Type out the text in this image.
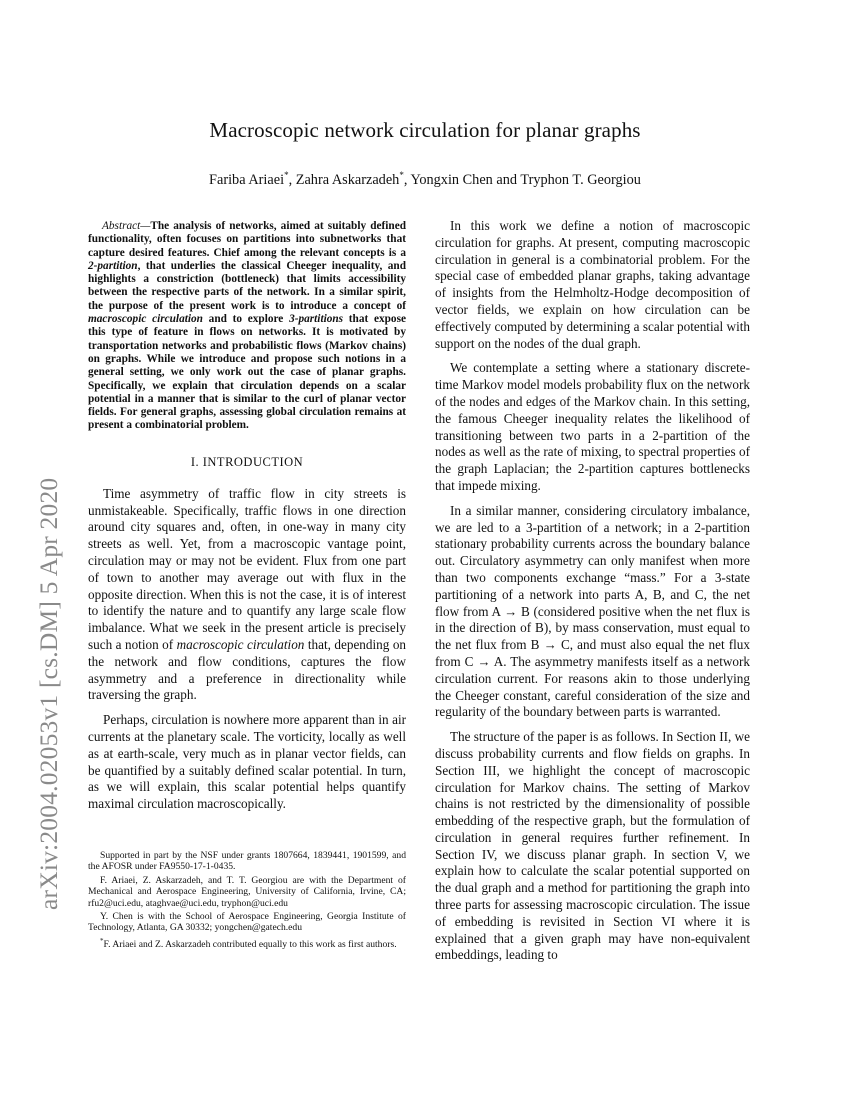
arXiv:2004.02053v1 [cs.DM] 5 Apr 2020
Macroscopic network circulation for planar graphs
Fariba Ariaei*, Zahra Askarzadeh*, Yongxin Chen and Tryphon T. Georgiou

Abstract—The analysis of networks, aimed at suitably defined functionality, often focuses on partitions into subnetworks that capture desired features. Chief among the relevant concepts is a 2-partition, that underlies the classical Cheeger inequality, and highlights a constriction (bottleneck) that limits accessibility between the respective parts of the network. In a similar spirit, the purpose of the present work is to introduce a concept of macroscopic circulation and to explore 3-partitions that expose this type of feature in flows on networks. It is motivated by transportation networks and probabilistic flows (Markov chains) on graphs. While we introduce and propose such notions in a general setting, we only work out the case of planar graphs. Specifically, we explain that circulation depends on a scalar potential in a manner that is similar to the curl of planar vector fields. For general graphs, assessing global circulation remains at present a combinatorial problem.

I. INTRODUCTION

Time asymmetry of traffic flow in city streets is unmistakeable. Specifically, traffic flows in one direction around city squares and, often, in one-way in many city streets as well. Yet, from a macroscopic vantage point, circulation may or may not be evident. Flux from one part of town to another may average out with flux in the opposite direction. When this is not the case, it is of interest to identify the nature and to quantify any large scale flow imbalance. What we seek in the present article is precisely such a notion of macroscopic circulation that, depending on the network and flow conditions, captures the flow asymmetry and a preference in directionality while traversing the graph.

Perhaps, circulation is nowhere more apparent than in air currents at the planetary scale. The vorticity, locally as well as at earth-scale, very much as in planar vector fields, can be quantified by a suitably defined scalar potential. In turn, as we will explain, this scalar potential helps quantify maximal circulation macroscopically.

Supported in part by the NSF under grants 1807664, 1839441, 1901599, and the AFOSR under FA9550-17-1-0435.

F. Ariaei, Z. Askarzadeh, and T. T. Georgiou are with the Department of Mechanical and Aerospace Engineering, University of California, Irvine, CA; rfu2@uci.edu, ataghvae@uci.edu, tryphon@uci.edu

Y. Chen is with the School of Aerospace Engineering, Georgia Institute of Technology, Atlanta, GA 30332; yongchen@gatech.edu

*F. Ariaei and Z. Askarzadeh contributed equally to this work as first authors.

In this work we define a notion of macroscopic circulation for graphs. At present, computing macroscopic circulation in general is a combinatorial problem. For the special case of embedded planar graphs, taking advantage of insights from the Helmholtz-Hodge decomposition of vector fields, we explain on how circulation can be effectively computed by determining a scalar potential with support on the nodes of the dual graph.

We contemplate a setting where a stationary discrete-time Markov model models probability flux on the network of the nodes and edges of the Markov chain. In this setting, the famous Cheeger inequality relates the likelihood of transitioning between two parts in a 2-partition of the nodes as well as the rate of mixing, to spectral properties of the graph Laplacian; the 2-partition captures bottlenecks that impede mixing.

In a similar manner, considering circulatory imbalance, we are led to a 3-partition of a network; in a 2-partition stationary probability currents across the boundary balance out. Circulatory asymmetry can only manifest when more than two components exchange “mass.” For a 3-state partitioning of a network into parts A, B, and C, the net flow from A → B (considered positive when the net flux is in the direction of B), by mass conservation, must equal to the net flux from B → C, and must also equal the net flux from C → A. The asymmetry manifests itself as a network circulation current. For reasons akin to those underlying the Cheeger constant, careful consideration of the size and regularity of the boundary between parts is warranted.

The structure of the paper is as follows. In Section II, we discuss probability currents and flow fields on graphs. In Section III, we highlight the concept of macroscopic circulation for Markov chains. The setting of Markov chains is not restricted by the dimensionality of possible embedding of the respective graph, but the formulation of circulation in general requires further refinement. In Section IV, we discuss planar graph. In section V, we explain how to calculate the scalar potential supported on the dual graph and a method for partitioning the graph into three parts for assessing macroscopic circulation. The issue of embedding is revisited in Section VI where it is explained that a given graph may have non-equivalent embeddings, leading to
